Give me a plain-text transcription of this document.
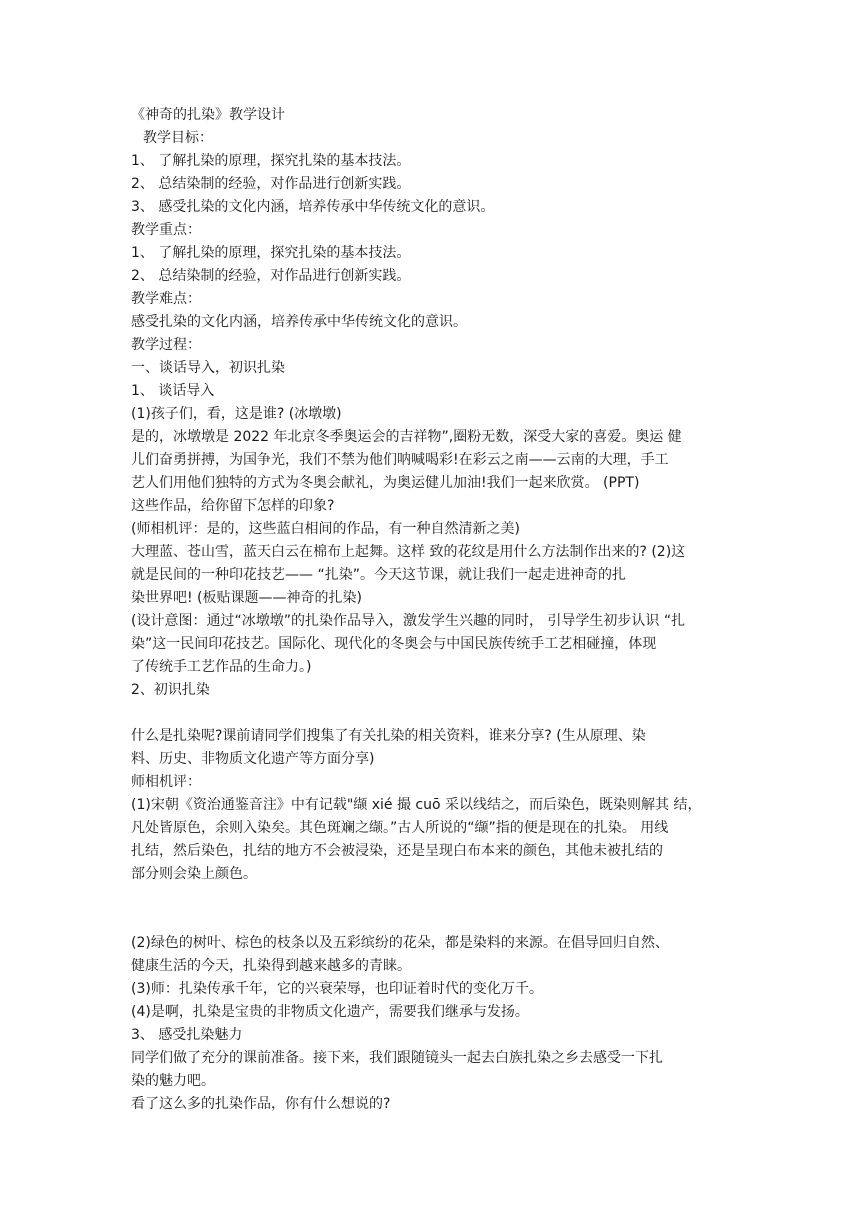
《神奇的扎染》教学设计

教学目标：

1、 了解扎染的原理，探究扎染的基本技法。

2、 总结染制的经验，对作品进行创新实践。

3、 感受扎染的文化内涵，培养传承中华传统文化的意识。

教学重点：

1、 了解扎染的原理，探究扎染的基本技法。

2、 总结染制的经验，对作品进行创新实践。

教学难点：

感受扎染的文化内涵，培养传承中华传统文化的意识。

教学过程：

一、谈话导入，初识扎染

1、 谈话导入

(1)孩子们，看，这是谁? (冰墩墩)

是的，冰墩墩是 2022 年北京冬季奥运会的吉祥物”,圈粉无数，深受大家的喜爱。奥运 健

儿们奋勇拼搏，为国争光，我们不禁为他们呐喊喝彩!在彩云之南——云南的大理，手工

艺人们用他们独特的方式为冬奥会献礼，为奥运健儿加油!我们一起来欣赏。 (PPT)

这些作品，给你留下怎样的印象?

(师相机评：是的，这些蓝白相间的作品，有一种自然清新之美)

大理蓝、苍山雪，蓝天白云在棉布上起舞。这样 致的花纹是用什么方法制作出来的? (2)这

就是民间的一种印花技艺—— “扎染”。今天这节课，就让我们一起走进神奇的扎

染世界吧! (板贴课题——神奇的扎染)

(设计意图：通过“冰墩墩”的扎染作品导入，激发学生兴趣的同时， 引导学生初步认识 “扎

染”这一民间印花技艺。国际化、现代化的冬奥会与中国民族传统手工艺相碰撞，体现

了传统手工艺作品的生命力。)

2、初识扎染

什么是扎染呢?课前请同学们搜集了有关扎染的相关资料，谁来分享? (生从原理、染

料、历史、非物质文化遗产等方面分享)

师相机评：

(1)宋朝《资治通鉴音注》中有记载"缬 xié 撮 cuō 采以线结之，而后染色，既染则解其 结，

凡处皆原色，余则入染矣。其色斑斓之缬。”古人所说的“缬”指的便是现在的扎染。 用线

扎结，然后染色，扎结的地方不会被浸染，还是呈现白布本来的颜色，其他未被扎结的

部分则会染上颜色。

(2)绿色的树叶、棕色的枝条以及五彩缤纷的花朵，都是染料的来源。在倡导回归自然、

健康生活的今天，扎染得到越来越多的青睐。

(3)师：扎染传承千年，它的兴衰荣辱，也印证着时代的变化万千。

(4)是啊，扎染是宝贵的非物质文化遗产，需要我们继承与发扬。

3、 感受扎染魅力

同学们做了充分的课前准备。接下来，我们跟随镜头一起去白族扎染之乡去感受一下扎

染的魅力吧。

看了这么多的扎染作品，你有什么想说的?
